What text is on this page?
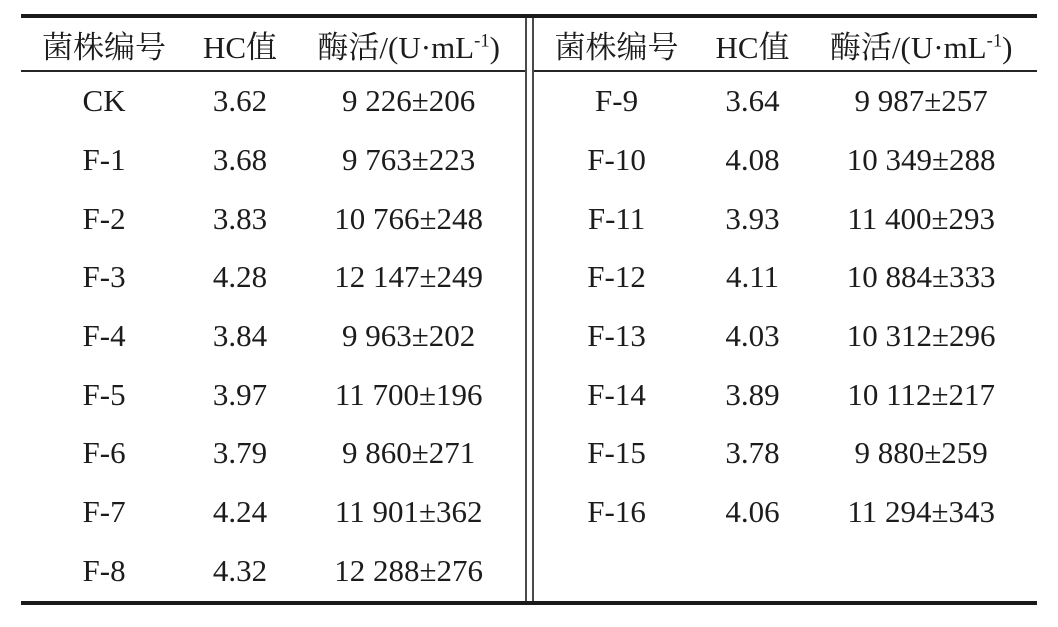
菌株编号	HC值	酶活$/(U\cdot mL^{-1})$
CK	3.62	9 226±206
F-1	3.68	9 763±223
F-2	3.83	10 766±248
F-3	4.28	12 147±249
F-4	3.84	9 963±202
F-5	3.97	11 700±196
F-6	3.79	9 860±271
F-7	4.24	11 901±362
F-8	4.32	12 288±276
菌株编号	HC值	酶活$/(U\cdot mL^{-1})$
F-9	3.64	9 987±257
F-10	4.08	10 349±288
F-11	3.93	11 400±293
F-12	4.11	10 884±333
F-13	4.03	10 312±296
F-14	3.89	10 112±217
F-15	3.78	9 880±259
F-16	4.06	11 294±343
